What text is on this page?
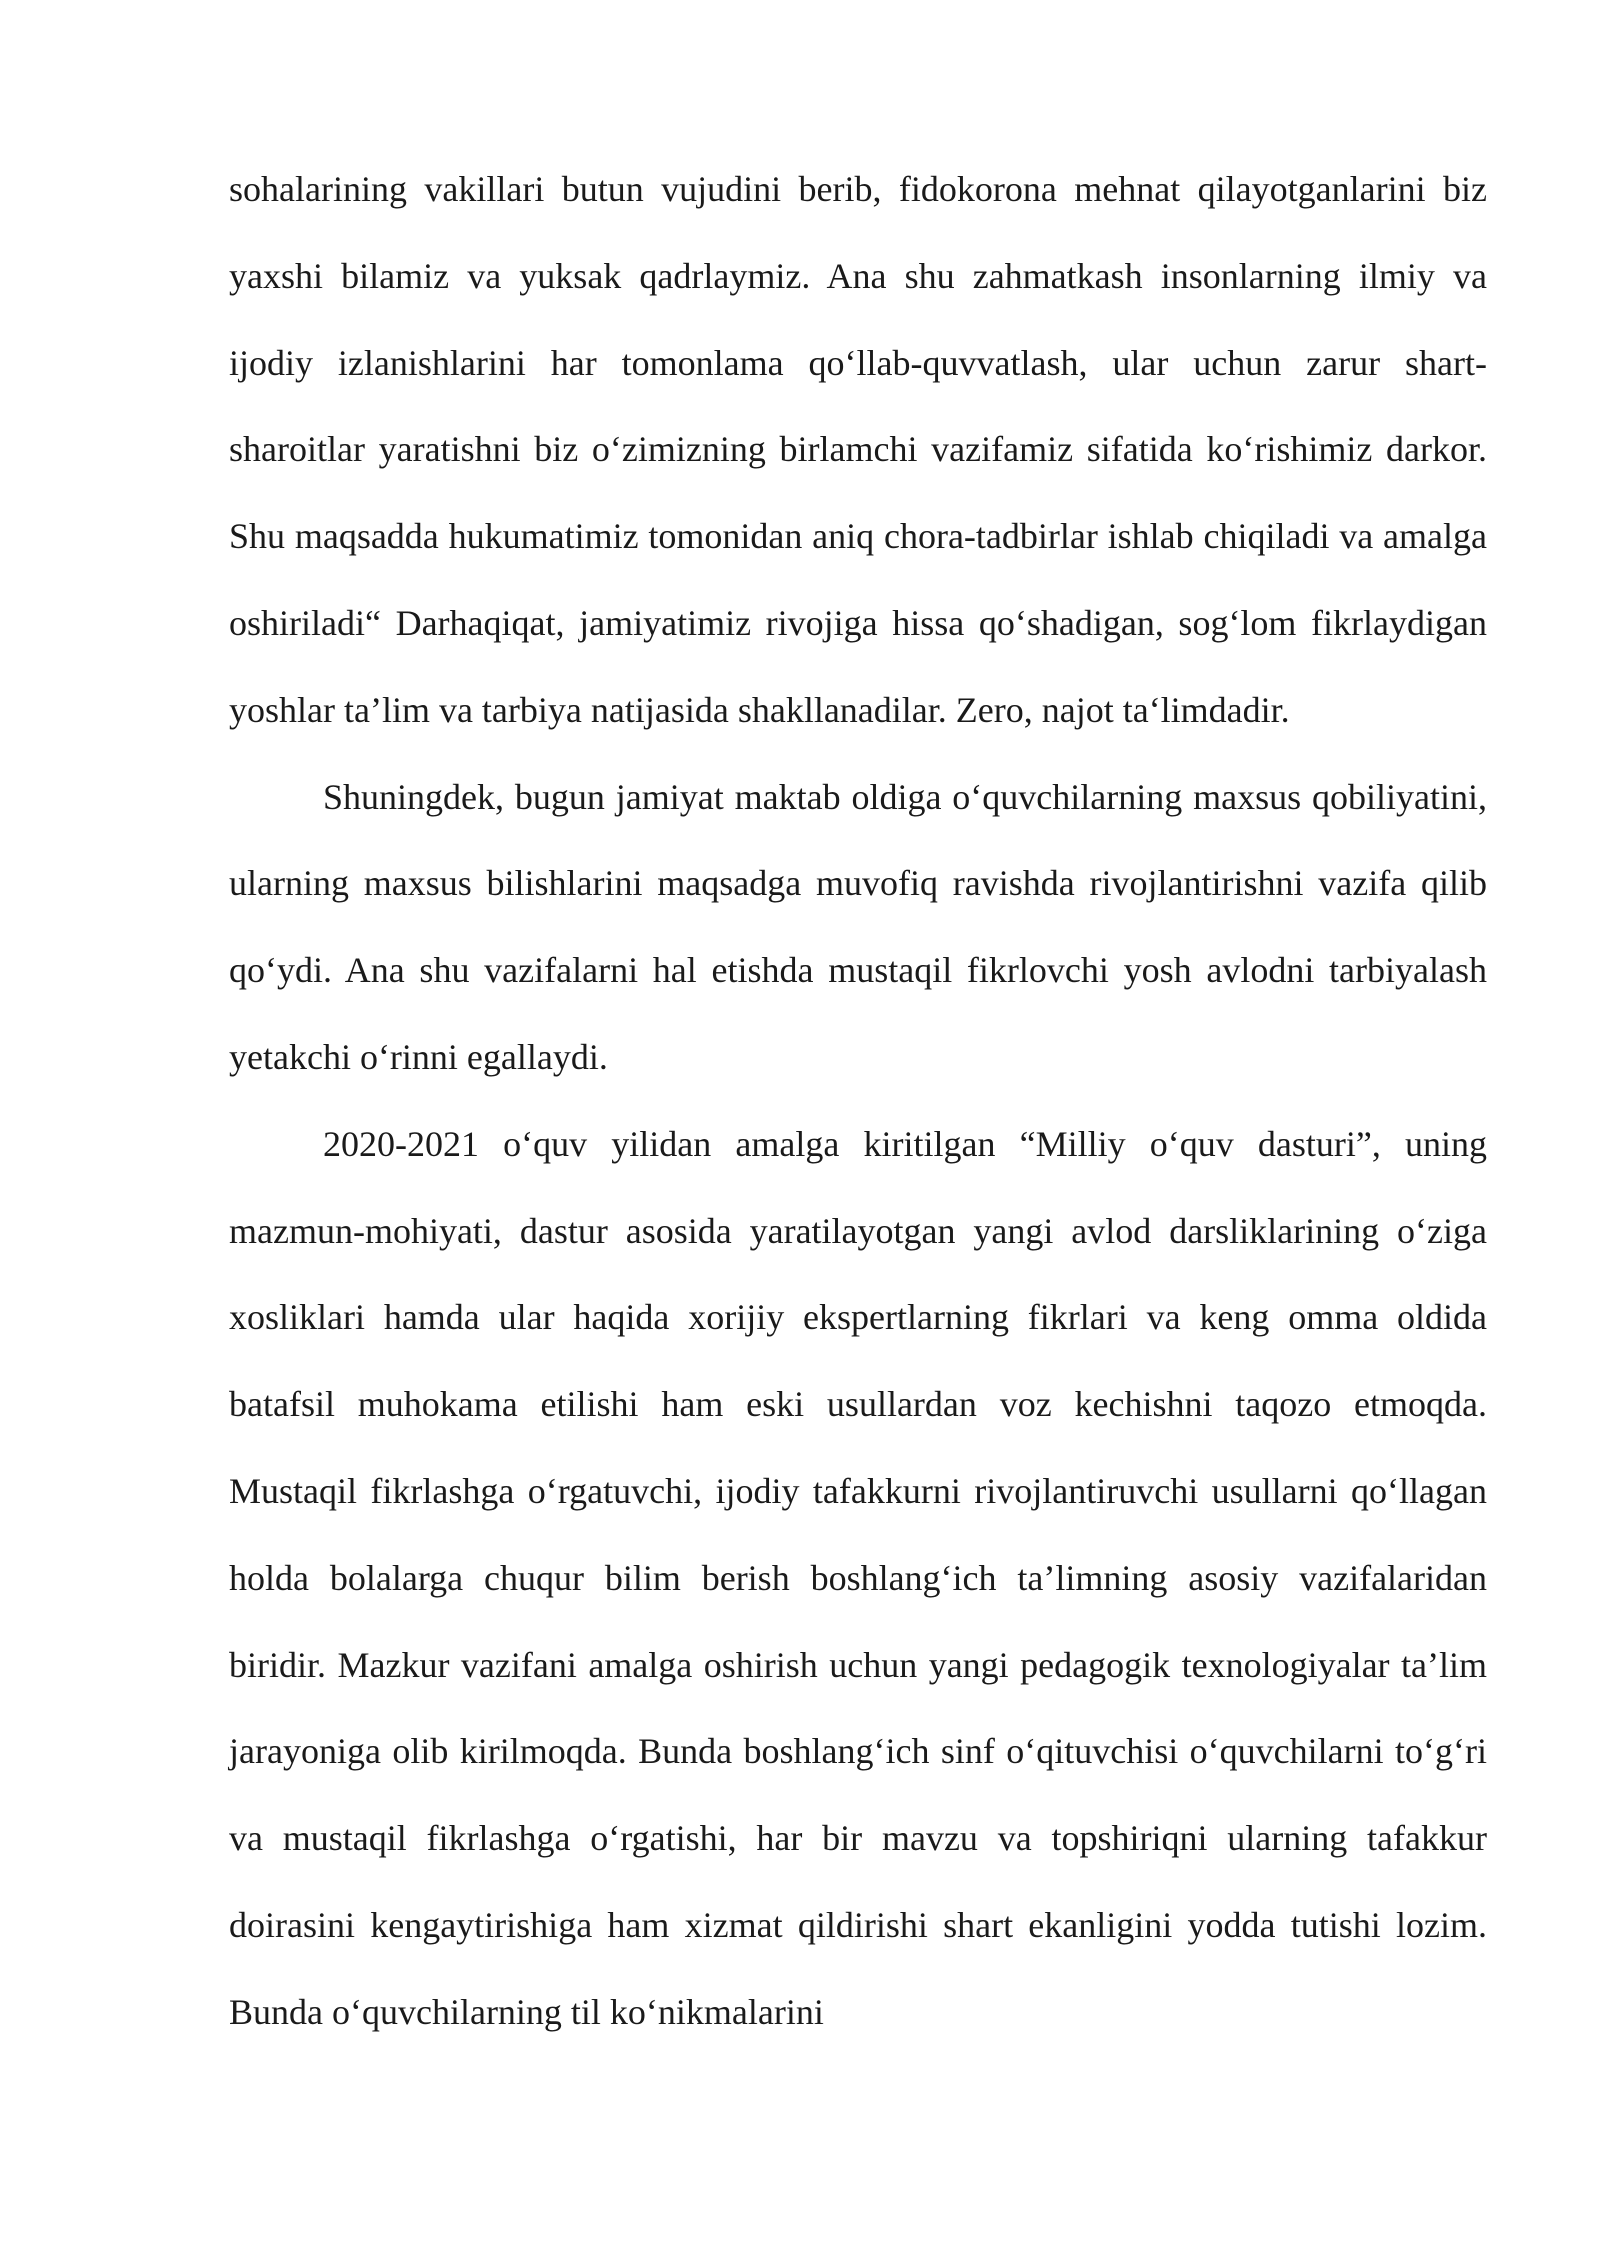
sohalarining vakillari butun vujudini berib, fidokorona mehnat qilayotganlarini biz yaxshi bilamiz va yuksak qadrlaymiz. Ana shu zahmatkash insonlarning ilmiy va ijodiy izlanishlarini har tomonlama qo‘llab-quvvatlash, ular uchun zarur shart-sharoitlar yaratishni biz o‘zimizning birlamchi vazifamiz sifatida ko‘rishimiz darkor. Shu maqsadda hukumatimiz tomonidan aniq chora-tadbirlar ishlab chiqiladi va amalga oshiriladi“ Darhaqiqat, jamiyatimiz rivojiga hissa qo‘shadigan, sog‘lom fikrlaydigan yoshlar ta’lim va tarbiya natijasida shakllanadilar. Zero, najot ta‘limdadir.

Shuningdek, bugun jamiyat maktab oldiga o‘quvchilarning maxsus qobiliyatini, ularning maxsus bilishlarini maqsadga muvofiq ravishda rivojlantirishni vazifa qilib qo‘ydi. Ana shu vazifalarni hal etishda mustaqil fikrlovchi yosh avlodni tarbiyalash yetakchi o‘rinni egallaydi.

2020-2021 o‘quv yilidan amalga kiritilgan “Milliy o‘quv dasturi”, uning mazmun-mohiyati, dastur asosida yaratilayotgan yangi avlod darsliklarining o‘ziga xosliklari hamda ular haqida xorijiy ekspertlarning fikrlari va keng omma oldida batafsil muhokama etilishi ham eski usullardan voz kechishni taqozo etmoqda. Mustaqil fikrlashga o‘rgatuvchi, ijodiy tafakkurni rivojlantiruvchi usullarni qo‘llagan holda bolalarga chuqur bilim berish boshlang‘ich ta’limning asosiy vazifalaridan biridir. Mazkur vazifani amalga oshirish uchun yangi pedagogik texnologiyalar ta’lim jarayoniga olib kirilmoqda. Bunda boshlang‘ich sinf o‘qituvchisi o‘quvchilarni to‘g‘ri va mustaqil fikrlashga o‘rgatishi, har bir mavzu va topshiriqni ularning tafakkur doirasini kengaytirishiga ham xizmat qildirishi shart ekanligini yodda tutishi lozim. Bunda o‘quvchilarning til ko‘nikmalarini
